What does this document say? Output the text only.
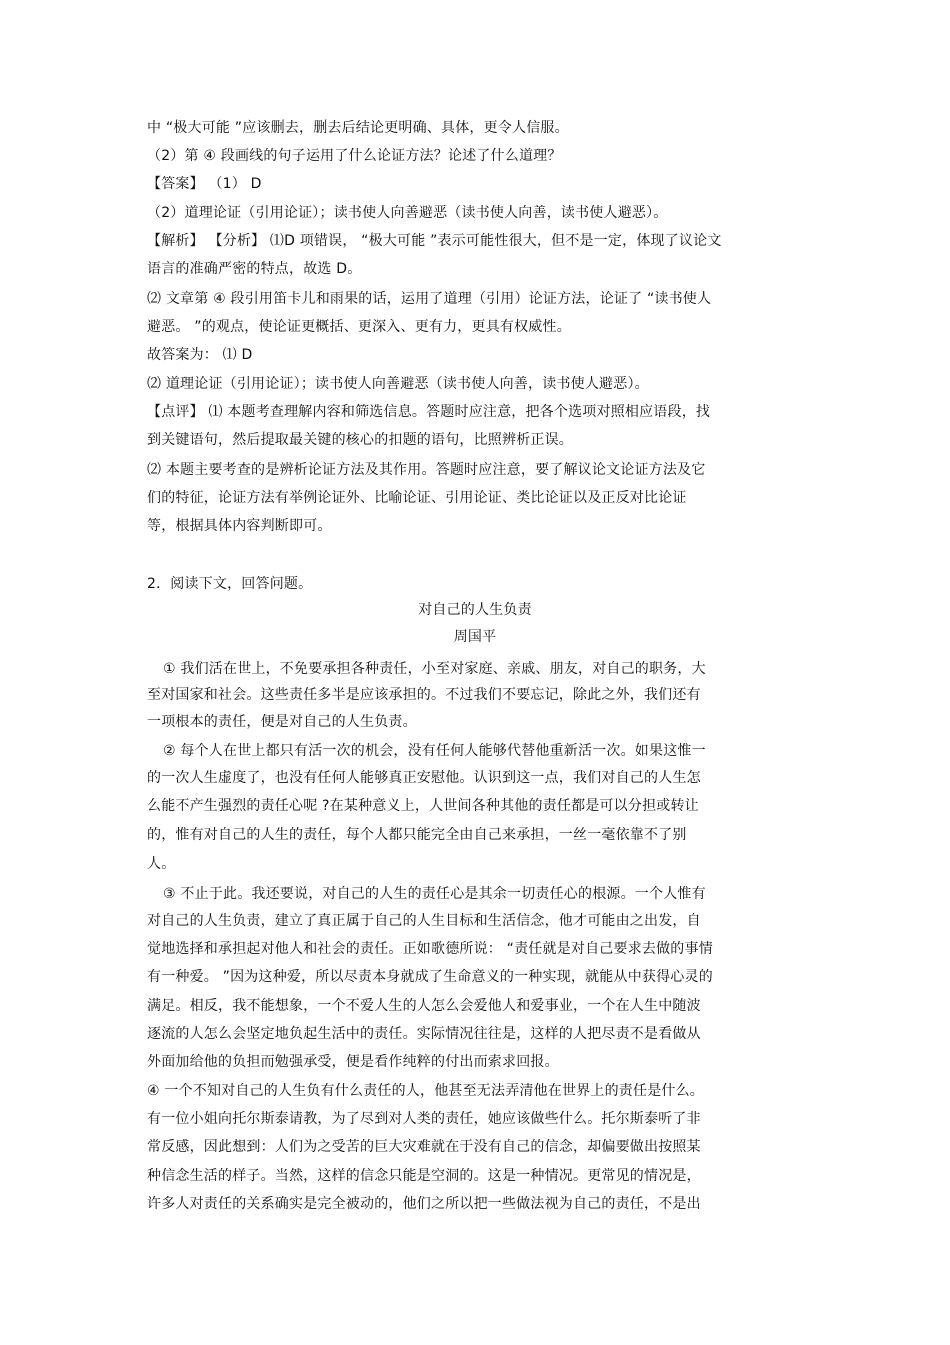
中 “极大可能 ”应该删去，删去后结论更明确、具体，更令人信服。
（2）第 ④ 段画线的句子运用了什么论证方法？论述了什么道理？
【答案】 （1） D
（2）道理论证（引用论证）；读书使人向善避恶（读书使人向善，读书使人避恶）。
【解析】 【分析】 ⑴D 项错误， “极大可能 ”表示可能性很大，但不是一定，体现了议论文
语言的准确严密的特点，故选 D。
⑵ 文章第 ④ 段引用笛卡儿和雨果的话，运用了道理（引用）论证方法，论证了 “读书使人
避恶。 ”的观点，使论证更概括、更深入、更有力，更具有权威性。
故答案为： ⑴ D
⑵ 道理论证（引用论证）；读书使人向善避恶（读书使人向善，读书使人避恶）。
【点评】 ⑴ 本题考查理解内容和筛选信息。答题时应注意，把各个选项对照相应语段，找
到关键语句，然后提取最关键的核心的扣题的语句，比照辨析正误。
⑵ 本题主要考查的是辨析论证方法及其作用。答题时应注意，要了解议论文论证方法及它
们的特征，论证方法有举例论证外、比喻论证、引用论证、类比论证以及正反对比论证
等，根据具体内容判断即可。
2．阅读下文，回答问题。
对自己的人生负责
周国平
① 我们活在世上，不免要承担各种责任，小至对家庭、亲戚、朋友，对自己的职务，大
至对国家和社会。这些责任多半是应该承担的。不过我们不要忘记，除此之外，我们还有
一项根本的责任，便是对自己的人生负责。
② 每个人在世上都只有活一次的机会，没有任何人能够代替他重新活一次。如果这惟一
的一次人生虚度了，也没有任何人能够真正安慰他。认识到这一点，我们对自己的人生怎
么能不产生强烈的责任心呢 ?在某种意义上，人世间各种其他的责任都是可以分担或转让
的，惟有对自己的人生的责任，每个人都只能完全由自己来承担，一丝一毫依靠不了别
人。
③ 不止于此。我还要说，对自己的人生的责任心是其余一切责任心的根源。一个人惟有
对自己的人生负责，建立了真正属于自己的人生目标和生活信念，他才可能由之出发，自
觉地选择和承担起对他人和社会的责任。正如歌德所说： “责任就是对自己要求去做的事情
有一种爱。 ”因为这种爱，所以尽责本身就成了生命意义的一种实现，就能从中获得心灵的
满足。相反，我不能想象，一个不爱人生的人怎么会爱他人和爱事业，一个在人生中随波
逐流的人怎么会坚定地负起生活中的责任。实际情况往往是，这样的人把尽责不是看做从
外面加给他的负担而勉强承受，便是看作纯粹的付出而索求回报。
④ 一个不知对自己的人生负有什么责任的人，他甚至无法弄清他在世界上的责任是什么。
有一位小姐向托尔斯泰请教，为了尽到对人类的责任，她应该做些什么。托尔斯泰听了非
常反感，因此想到：人们为之受苦的巨大灾难就在于没有自己的信念，却偏要做出按照某
种信念生活的样子。当然，这样的信念只能是空洞的。这是一种情况。更常见的情况是，
许多人对责任的关系确实是完全被动的，他们之所以把一些做法视为自己的责任，不是出
